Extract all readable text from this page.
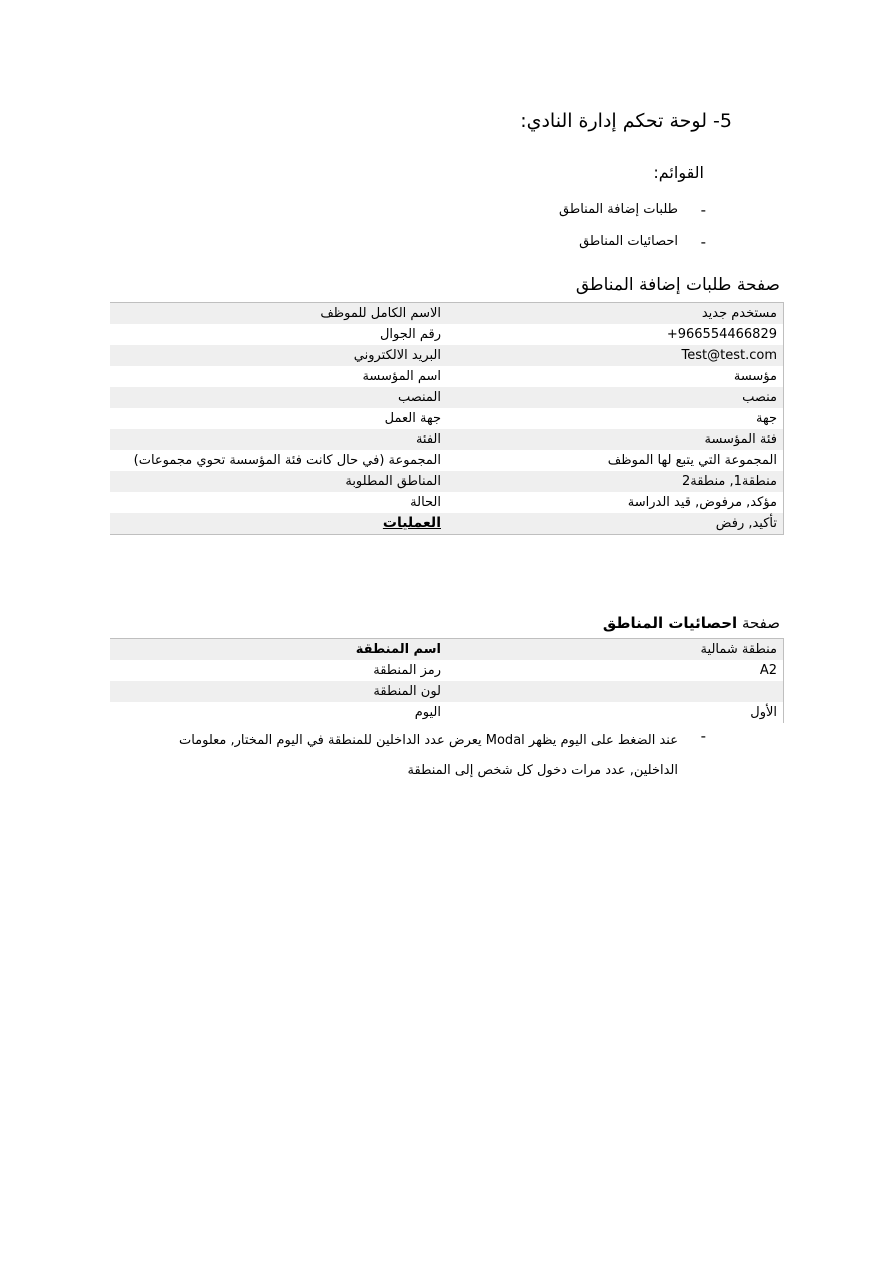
5- لوحة تحكم إدارة النادي:
القوائم:
-
طلبات إضافة المناطق
-
احصائيات المناطق
صفحة طلبات إضافة المناطق
الاسم الكامل للموظف	مستخدم جديد
رقم الجوال	+966554466829
البريد الالكتروني	Test@test.com
اسم المؤسسة	مؤسسة
المنصب	منصب
جهة العمل	جهة
الفئة	فئة المؤسسة
المجموعة (في حال كانت فئة المؤسسة تحوي مجموعات)	المجموعة التي يتبع لها الموظف
المناطق المطلوبة	منطقة1, منطقة2
الحالة	مؤكد, مرفوض, قيد الدراسة
العمليات	تأكيد, رفض
صفحة احصائيات المناطق
اسم المنطقة	منطقة شمالية
رمز المنطقة	A2
لون المنطقة	
اليوم	الأول
-
عند الضغط على اليوم يظهر Modal يعرض عدد الداخلين للمنطقة في اليوم المختار, معلومات الداخلين, عدد مرات دخول كل شخص إلى المنطقة
